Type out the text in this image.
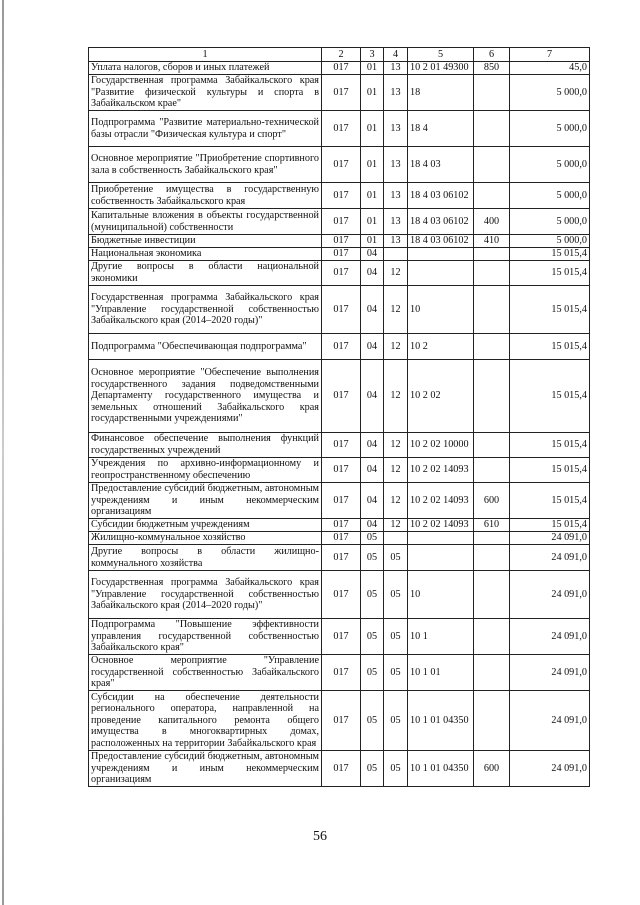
1	2	3	4	5	6	7
Уплата налогов, сборов и иных платежей	017	01	13	10 2 01 49300	850	45,0
Государственная программа Забайкальского края "Развитие физической культуры и спорта в Забайкальском крае"	017	01	13	18		5 000,0
Подпрограмма "Развитие материально-технической базы отрасли "Физическая культура и спорт"	017	01	13	18 4		5 000,0
Основное мероприятие "Приобретение спортивного зала в собственность Забайкальского края"	017	01	13	18 4 03		5 000,0
Приобретение имущества в государственную собственность Забайкальского края	017	01	13	18 4 03 06102		5 000,0
Капитальные вложения в объекты государственной (муниципальной) собственности	017	01	13	18 4 03 06102	400	5 000,0
Бюджетные инвестиции	017	01	13	18 4 03 06102	410	5 000,0
Национальная экономика	017	04				15 015,4
Другие вопросы в области национальной экономики	017	04	12			15 015,4
Государственная программа Забайкальского края "Управление государственной собственностью Забайкальского края (2014–2020 годы)"	017	04	12	10		15 015,4
Подпрограмма "Обеспечивающая подпрограмма"	017	04	12	10 2		15 015,4
Основное мероприятие "Обеспечение выполнения государственного задания подведомственными Департаменту государственного имущества и земельных отношений Забайкальского края государственными учреждениями"	017	04	12	10 2 02		15 015,4
Финансовое обеспечение выполнения функций государственных учреждений	017	04	12	10 2 02 10000		15 015,4
Учреждения по архивно-информационному и геопространственному обеспечению	017	04	12	10 2 02 14093		15 015,4
Предоставление субсидий бюджетным, автономным учреждениям и иным некоммерческим организациям	017	04	12	10 2 02 14093	600	15 015,4
Субсидии бюджетным учреждениям	017	04	12	10 2 02 14093	610	15 015,4
Жилищно-коммунальное хозяйство	017	05				24 091,0
Другие вопросы в области жилищно-коммунального хозяйства	017	05	05			24 091,0
Государственная программа Забайкальского края "Управление государственной собственностью Забайкальского края (2014–2020 годы)"	017	05	05	10		24 091,0
Подпрограмма "Повышение эффективности управления государственной собственностью Забайкальского края"	017	05	05	10 1		24 091,0
Основное мероприятие "Управление государственной собственностью Забайкальского края"	017	05	05	10 1 01		24 091,0
Субсидии на обеспечение деятельности регионального оператора, направленной на проведение капитального ремонта общего имущества в многоквартирных домах, расположенных на территории Забайкальского края	017	05	05	10 1 01 04350		24 091,0
Предоставление субсидий бюджетным, автономным учреждениям и иным некоммерческим организациям	017	05	05	10 1 01 04350	600	24 091,0
56
